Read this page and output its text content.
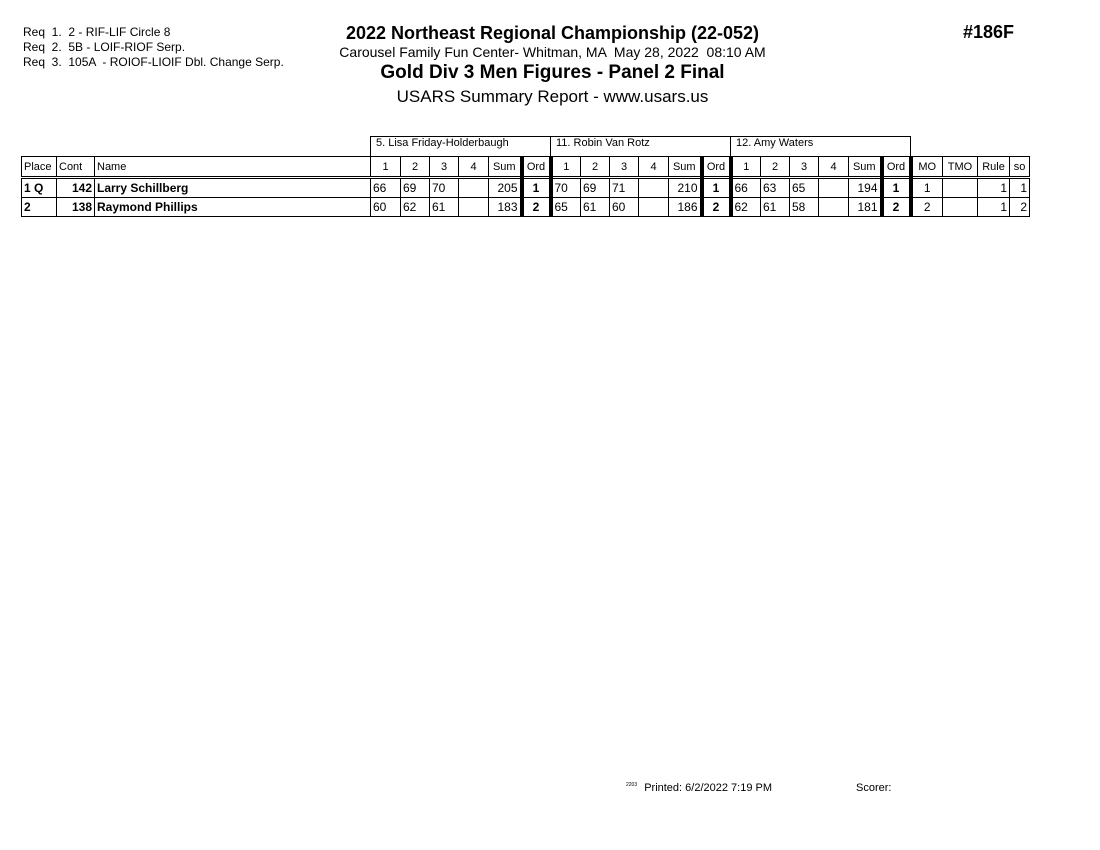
Req  1.  2 - RIF-LIF Circle 8
Req  2.  5B - LOIF-RIOF Serp.
Req  3.  105A  - ROIOF-LIOIF Dbl. Change Serp.
2022 Northeast Regional Championship (22-052)
Carousel Family Fun Center- Whitman, MA  May 28, 2022  08:10 AM
Gold Div 3 Men Figures - Panel 2 Final
USARS Summary Report - www.usars.us
#186F
			5. Lisa Friday-Holderbaugh						11. Robin Van Rotz						12. Amy Waters									
Place	Cont	Name	1	2	3	4	Sum	Ord	1	2	3	4	Sum	Ord	1	2	3	4	Sum	Ord	MO	TMO	Rule	so
1 Q	142	Larry Schillberg	66	69	70		205	1	70	69	71		210	1	66	63	65		194	1	1		1	1
2	138	Raymond Phillips	60	62	61		183	2	65	61	60		186	2	62	61	58		181	2	2		1	2
$^{2203}$ Printed: 6/2/2022 7:19 PM	Scorer:
